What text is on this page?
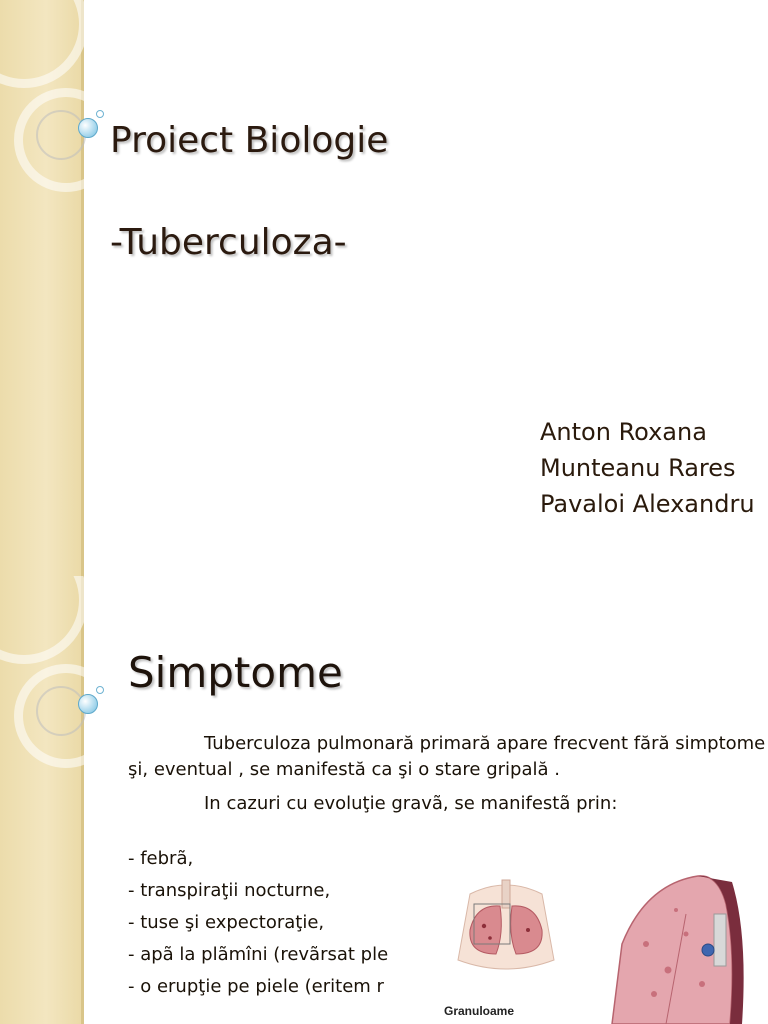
Proiect Biologie
-Tuberculoza-
Anton Roxana
Munteanu Rares
Pavaloi Alexandru
Simptome

Tuberculoza pulmonară primară apare frecvent fără simptome şi, eventual , se manifestă ca şi o stare gripală .

In cazuri cu evoluţie gravã, se manifestã prin:

- febrã,
- transpiraţii nocturne,
- tuse şi expectoraţie,
- apã la plãmîni (revãrsat ple
- o erupţie pe piele (eritem r
Granuloame
